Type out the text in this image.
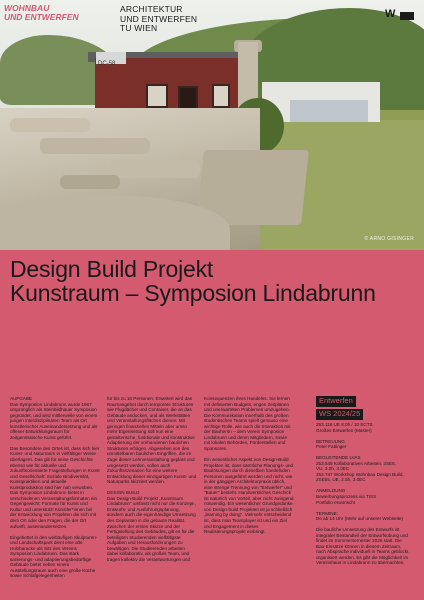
DC-58
WOHNBAU
UND ENTWERFEN
ARCHITEKTUR
UND ENTWERFEN
TU WIEN
W
© ARNO GISINGER
Design Build Projekt
Kunstraum – Symposion Lindabrunn

AUFGABE
Das Symposion Lindabrunn wurde 1967 ursprünglich als Steinbildhauer Symposion gegründet, und wird mittlerweile von einem jungen interdisziplinären Team als Ort künstlerischer Auseinandersetzung und als offener Entwicklungsraum für zeitgenössische Kunst geführt.

Das Besondere des Ortes ist, dass sich hier Kunst- und Naturraum in vielfältiger Weise überlagern. Das gilt für seine Geschichte ebenso wie für aktuelle und zukunftsorientierte Fragestellungen in Kunst und Gesellschaft: Soziale Biodiversität, Kunstpraktiken und aktuelle Kunstproduktion sind hier nah verwoben. Das Symposion Lindabrunn bietet in verschiedenen Veranstaltungsformaten ein Gegengewicht: Formate für Kunst und Kultur und unterstützt Künstler*innen bei der Entwicklung von Projekten die sich mit dem Ort oder den Fragen, die der Ort aufwirft, auseinandersetzen.

Eingebettet in den weitläufigen Skulpturen- und Landschaftspark dient eine alte Holzbaracke als Sitz des Vereins Symposion Lindabrunn. Das stark sanierungs- und adaptierungsbedürftige Gebäude bietet neben einem Ausstellungsraum auch eine große Küche sowie Schlafgelegenheiten

für bis zu 10 Personen. Erweitert wird das Raumangebot durch temporäre Strukturen wie Flugdächer und Container, die an das Gebäude andocken, und als Werkstätten und Veranstaltungsflächen dienen. Mit geringen finanziellen Mitteln aber umso mehr Eigenleistung soll nun eine gestalterische, funktionale und konstruktive Adaptierung der vorhandenen baulichen Strukturen erfolgen. Abgesehen von den unmittelbaren baulichen Eingriffen, die im Zuge dieser Lehrveranstaltung geplant und umgesetzt werden, sollen auch Zukunftsszenarien für eine weitere Entwicklung dieser einzigartigen Kunst- und Naturparks skizziert werden.

DESIGN BUILD
Das Design-Build Projekt „Kunstraum Lindabrunn" umfasst nicht nur die Konzept-, Entwurfs- und Ausführungsplanung, sondern auch die eigenhändige Umsetzung des Geplanten in die gebaute Realität. Zwischen der ersten Skizze und der Fertigstellung des Gebäudes, gilt es für die beteiligten Studierenden vielfältigste Aufgaben und Herausforderungen zu bewältigen. Die Studierenden arbeiten dabei kollaborativ, als großes Team, und tragen kollektiv die Verantwortungen und

Konsequenzen ihres Handelns. Sie lernen mit definierten Budgets, engen Zeitplänen und unerwarteten Problemen umzugehen. Die Kommunikation innerhalb des großen studentischen Teams spielt genauso eine wichtige Rolle, wie auch die Interaktion mit der Bauherrin – dem Verein Symposion Lindabrunn und deren Mitgliedern, sowie mit lokalen Behörden, Förderstellen und Sponsoren.

Ein wesentlicher Aspekt von Design-Build Projekten ist, dass sämtliche Planungs- und Baulösungen durch dieselben handelnden Personen ausgeführt werden und nicht, wie in der gängigen Architekturpraxis üblich, eine strenge Trennung von "Entwerfer" und "Bauer" besteht. Handwerkliches Geschick ist natürlich von Vorteil, aber nicht zwingend notwendig. Ein wesentlicher Grundgedanke von Design-build Projekten ist ja schließlich „learning by doing". Vielmehr entscheidend ist, dass man Teamplayer ist und ein Ziel und Engagement in dieses Realisierungsprojekt einbringt.

Entwerfen
WS 2024/25
253.116 UE 8.0h / 10 ECTS
Großes Entwerfen (Master)
BETREUUNG
Peter Fattinger
BEGLEITENDE LVAS
253.549 Kollaboratives Arbeiten, 2SE5,
VU, 3.0h, 3.0EC
253.747 Workshop Wohnbau Design Build,
2SE55, UE, 2.5h, 3.0EC
ANMELDUNG
Bewerbungsprozess via TISS
Portfolio erwünscht
TERMINE:
Do ab 14 Uhr (Mehr auf unserer Webseite)

Die bauliche Umsetzung des Entwurfs ist integraler Bestandteil der Entwurfsübung und findet im Sommersemester 2025 statt. Die Bau-Einsätze können in diesem Zeitraum, nach Absprache individuell in Teams geblockt organisiert werden. Es gibt die Möglichkeit im Vereinshaus in Lindabrunn zu übernachten.
